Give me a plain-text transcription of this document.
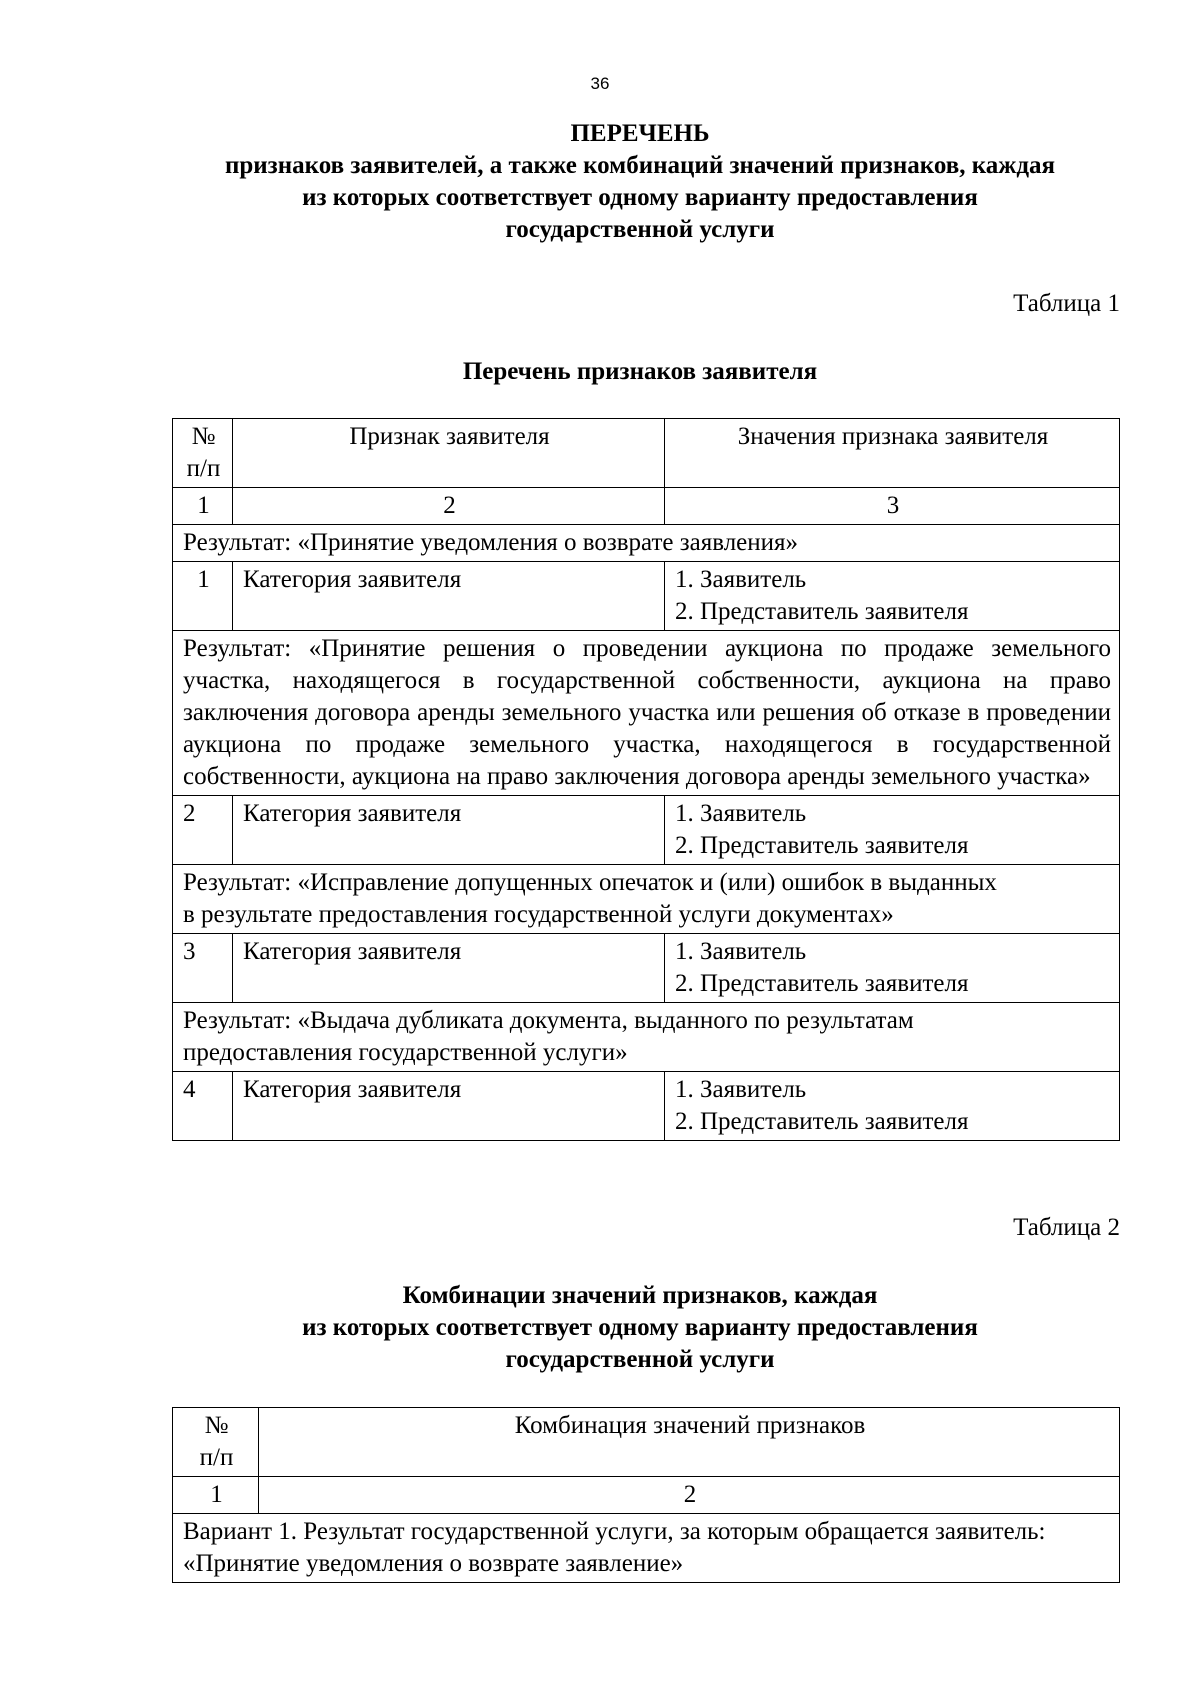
36
ПЕРЕЧЕНЬ
признаков заявителей, а также комбинаций значений признаков, каждая
из которых соответствует одному варианту предоставления
государственной услуги
Таблица 1
Перечень признаков заявителя
№
п/п	Признак заявителя	Значения признака заявителя
1	2	3
Результат: «Принятие уведомления о возврате заявления»		
1	Категория заявителя	1. Заявитель
2. Представитель заявителя

Результат: «Принятие решения о проведении аукциона по продаже земельного участка, находящегося в государственной собственности, аукциона на право заключения договора аренды земельного участка или решения об отказе в проведении аукциона по продаже земельного участка, находящегося в государственной собственности, аукциона на право заключения договора аренды земельного участка»		
2	Категория заявителя	1. Заявитель
2. Представитель заявителя

Результат: «Исправление допущенных опечаток и (или) ошибок в выданных в результате предоставления государственной услуги документах»		
3	Категория заявителя	1. Заявитель
2. Представитель заявителя

Результат: «Выдача дубликата документа, выданного по результатам предоставления государственной услуги»		
4	Категория заявителя	1. Заявитель
2. Представитель заявителя
Таблица 2
Комбинации значений признаков, каждая
из которых соответствует одному варианту предоставления
государственной услуги
№
п/п	Комбинация значений признаков
1	2
Вариант 1. Результат государственной услуги, за которым обращается заявитель: «Принятие уведомления о возврате заявление»	
